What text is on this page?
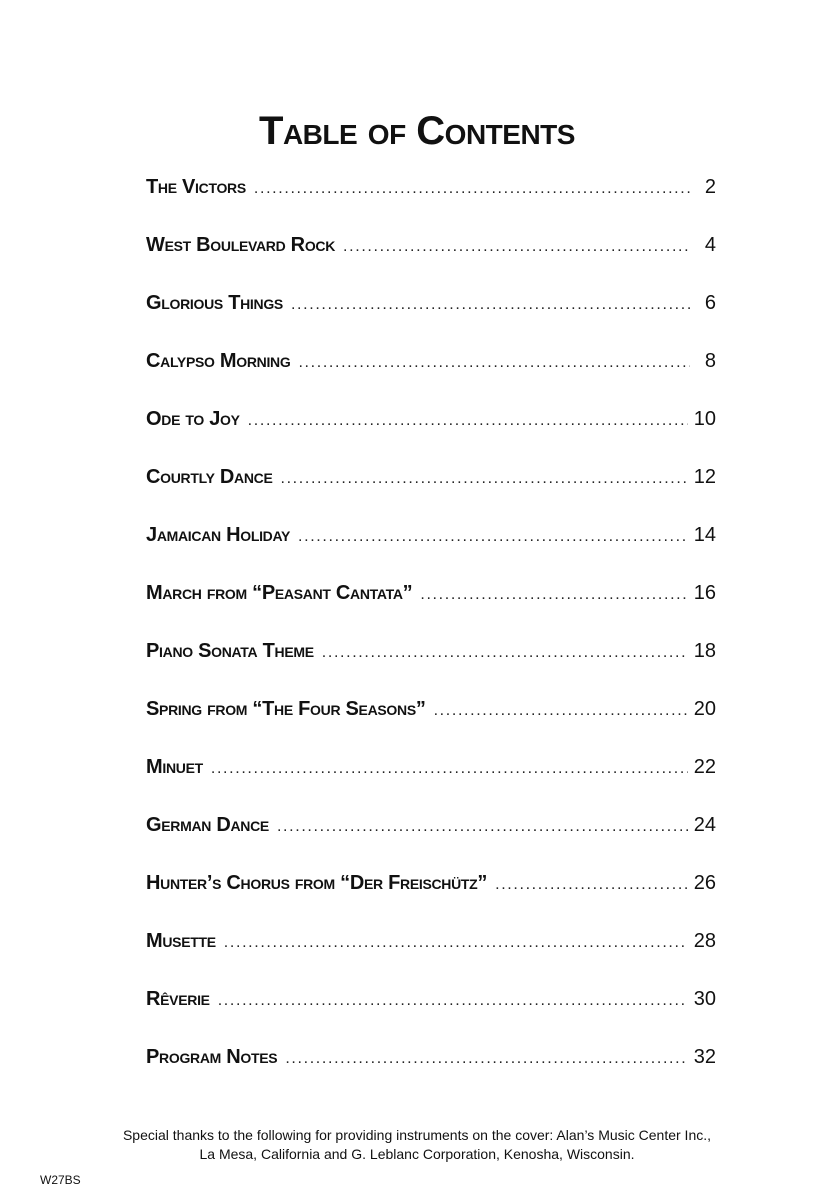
Table of Contents
The Victors . . .	2
West Boulevard Rock . . .	4
Glorious Things . . .	6
Calypso Morning . . .	8
Ode to Joy . . .	10
Courtly Dance . . .	12
Jamaican Holiday . . .	14
March from “Peasant Cantata” . . .	16
Piano Sonata Theme . . .	18
Spring from “The Four Seasons” . . .	20
Minuet . . .	22
German Dance . . .	24
Hunter’s Chorus from “Der Freischütz” . . .	26
Musette . . .	28
Rêverie . . .	30
Program Notes . . .	32
Special thanks to the following for providing instruments on the cover: Alan’s Music Center Inc.,
La Mesa, California and G. Leblanc Corporation, Kenosha, Wisconsin.
W27BS
